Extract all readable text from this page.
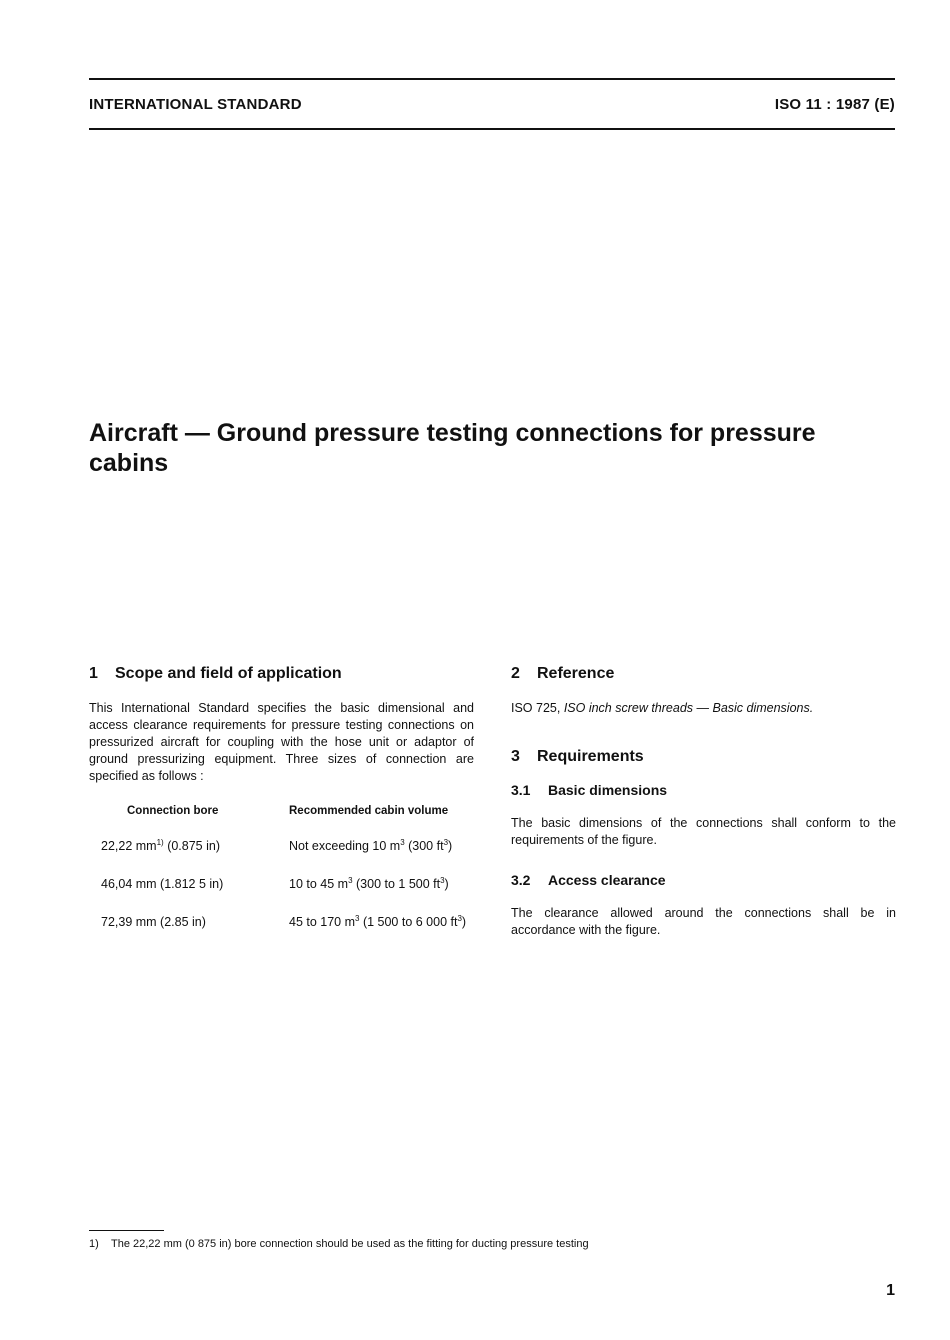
INTERNATIONAL STANDARD	ISO 11 : 1987 (E)
Aircraft — Ground pressure testing connections for pressure cabins
1 Scope and field of application

This International Standard specifies the basic dimensional and access clearance requirements for pressure testing connections on pressurized aircraft for coupling with the hose unit or adaptor of ground pressurizing equipment. Three sizes of connection are specified as follows :

Connection bore	Recommended cabin volume
22,22 $mm^{1)}$ (0.875 in)	Not exceeding 10 $m^3$ (300 $ft^3$)
46,04 mm (1.812 5 in)	10 to 45 $m^3$ (300 to 1 500 $ft^3$)
72,39 mm (2.85 in)	45 to 170 $m^3$ (1 500 to 6 000 $ft^3$)
2 Reference

ISO 725, ISO inch screw threads — Basic dimensions.

3 Requirements
3.1 Basic dimensions

The basic dimensions of the connections shall conform to the requirements of the figure.

3.2 Access clearance

The clearance allowed around the connections shall be in accordance with the figure.

1) The 22,22 mm (0 875 in) bore connection should be used as the fitting for ducting pressure testing
1
